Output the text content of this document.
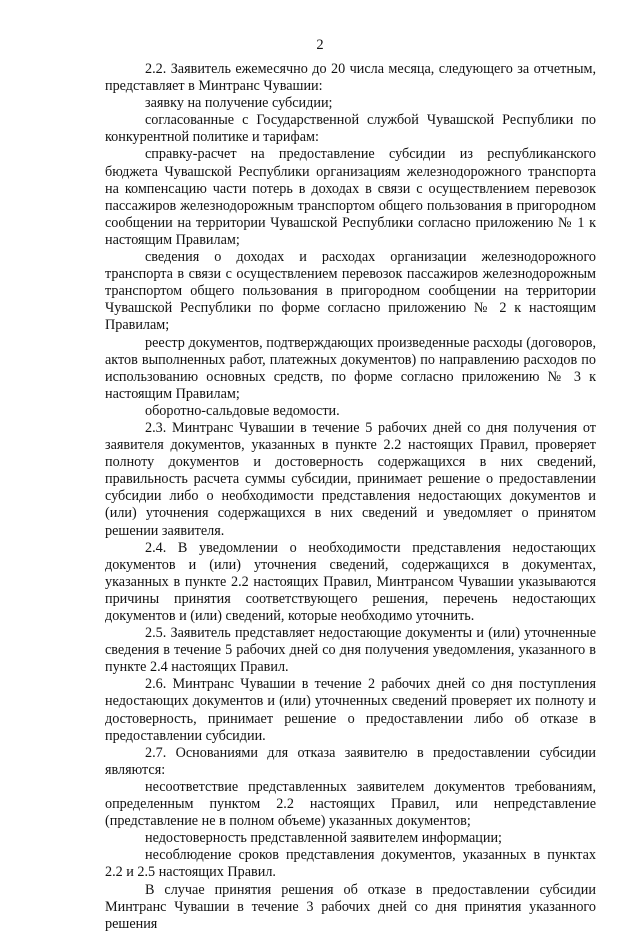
2

2.2. Заявитель ежемесячно до 20 числа месяца, следующего за отчетным, представляет в Минтранс Чувашии:

заявку на получение субсидии;

согласованные с Государственной службой Чувашской Республики по конкурентной политике и тарифам:

справку-расчет на предоставление субсидии из республиканского бюджета Чувашской Республики организациям железнодорожного транспорта на компенсацию части потерь в доходах в связи с осуществлением перевозок пассажиров железнодорожным транспортом общего пользования в пригородном сообщении на территории Чувашской Республики согласно приложению № 1 к настоящим Правилам;

сведения о доходах и расходах организации железнодорожного транспорта в связи с осуществлением перевозок пассажиров железнодорожным транспортом общего пользования в пригородном сообщении на территории Чувашской Республики по форме согласно приложению № 2 к настоящим Правилам;

реестр документов, подтверждающих произведенные расходы (договоров, актов выполненных работ, платежных документов) по направлению расходов по использованию основных средств, по форме согласно приложению № 3 к настоящим Правилам;

оборотно-сальдовые ведомости.

2.3. Минтранс Чувашии в течение 5 рабочих дней со дня получения от заявителя документов, указанных в пункте 2.2 настоящих Правил, проверяет полноту документов и достоверность содержащихся в них сведений, правильность расчета суммы субсидии, принимает решение о предоставлении субсидии либо о необходимости представления недостающих документов и (или) уточнения содержащихся в них сведений и уведомляет о принятом решении заявителя.

2.4. В уведомлении о необходимости представления недостающих документов и (или) уточнения сведений, содержащихся в документах, указанных в пункте 2.2 настоящих Правил, Минтрансом Чувашии указываются причины принятия соответствующего решения, перечень недостающих документов и (или) сведений, которые необходимо уточнить.

2.5. Заявитель представляет недостающие документы и (или) уточненные сведения в течение 5 рабочих дней со дня получения уведомления, указанного в пункте 2.4 настоящих Правил.

2.6. Минтранс Чувашии в течение 2 рабочих дней со дня поступления недостающих документов и (или) уточненных сведений проверяет их полноту и достоверность, принимает решение о предоставлении либо об отказе в предоставлении субсидии.

2.7. Основаниями для отказа заявителю в предоставлении субсидии являются:

несоответствие представленных заявителем документов требованиям, определенным пунктом 2.2 настоящих Правил, или непредставление (представление не в полном объеме) указанных документов;

недостоверность представленной заявителем информации;

несоблюдение сроков представления документов, указанных в пунктах 2.2 и 2.5 настоящих Правил.

В случае принятия решения об отказе в предоставлении субсидии Минтранс Чувашии в течение 3 рабочих дней со дня принятия указанного решения
